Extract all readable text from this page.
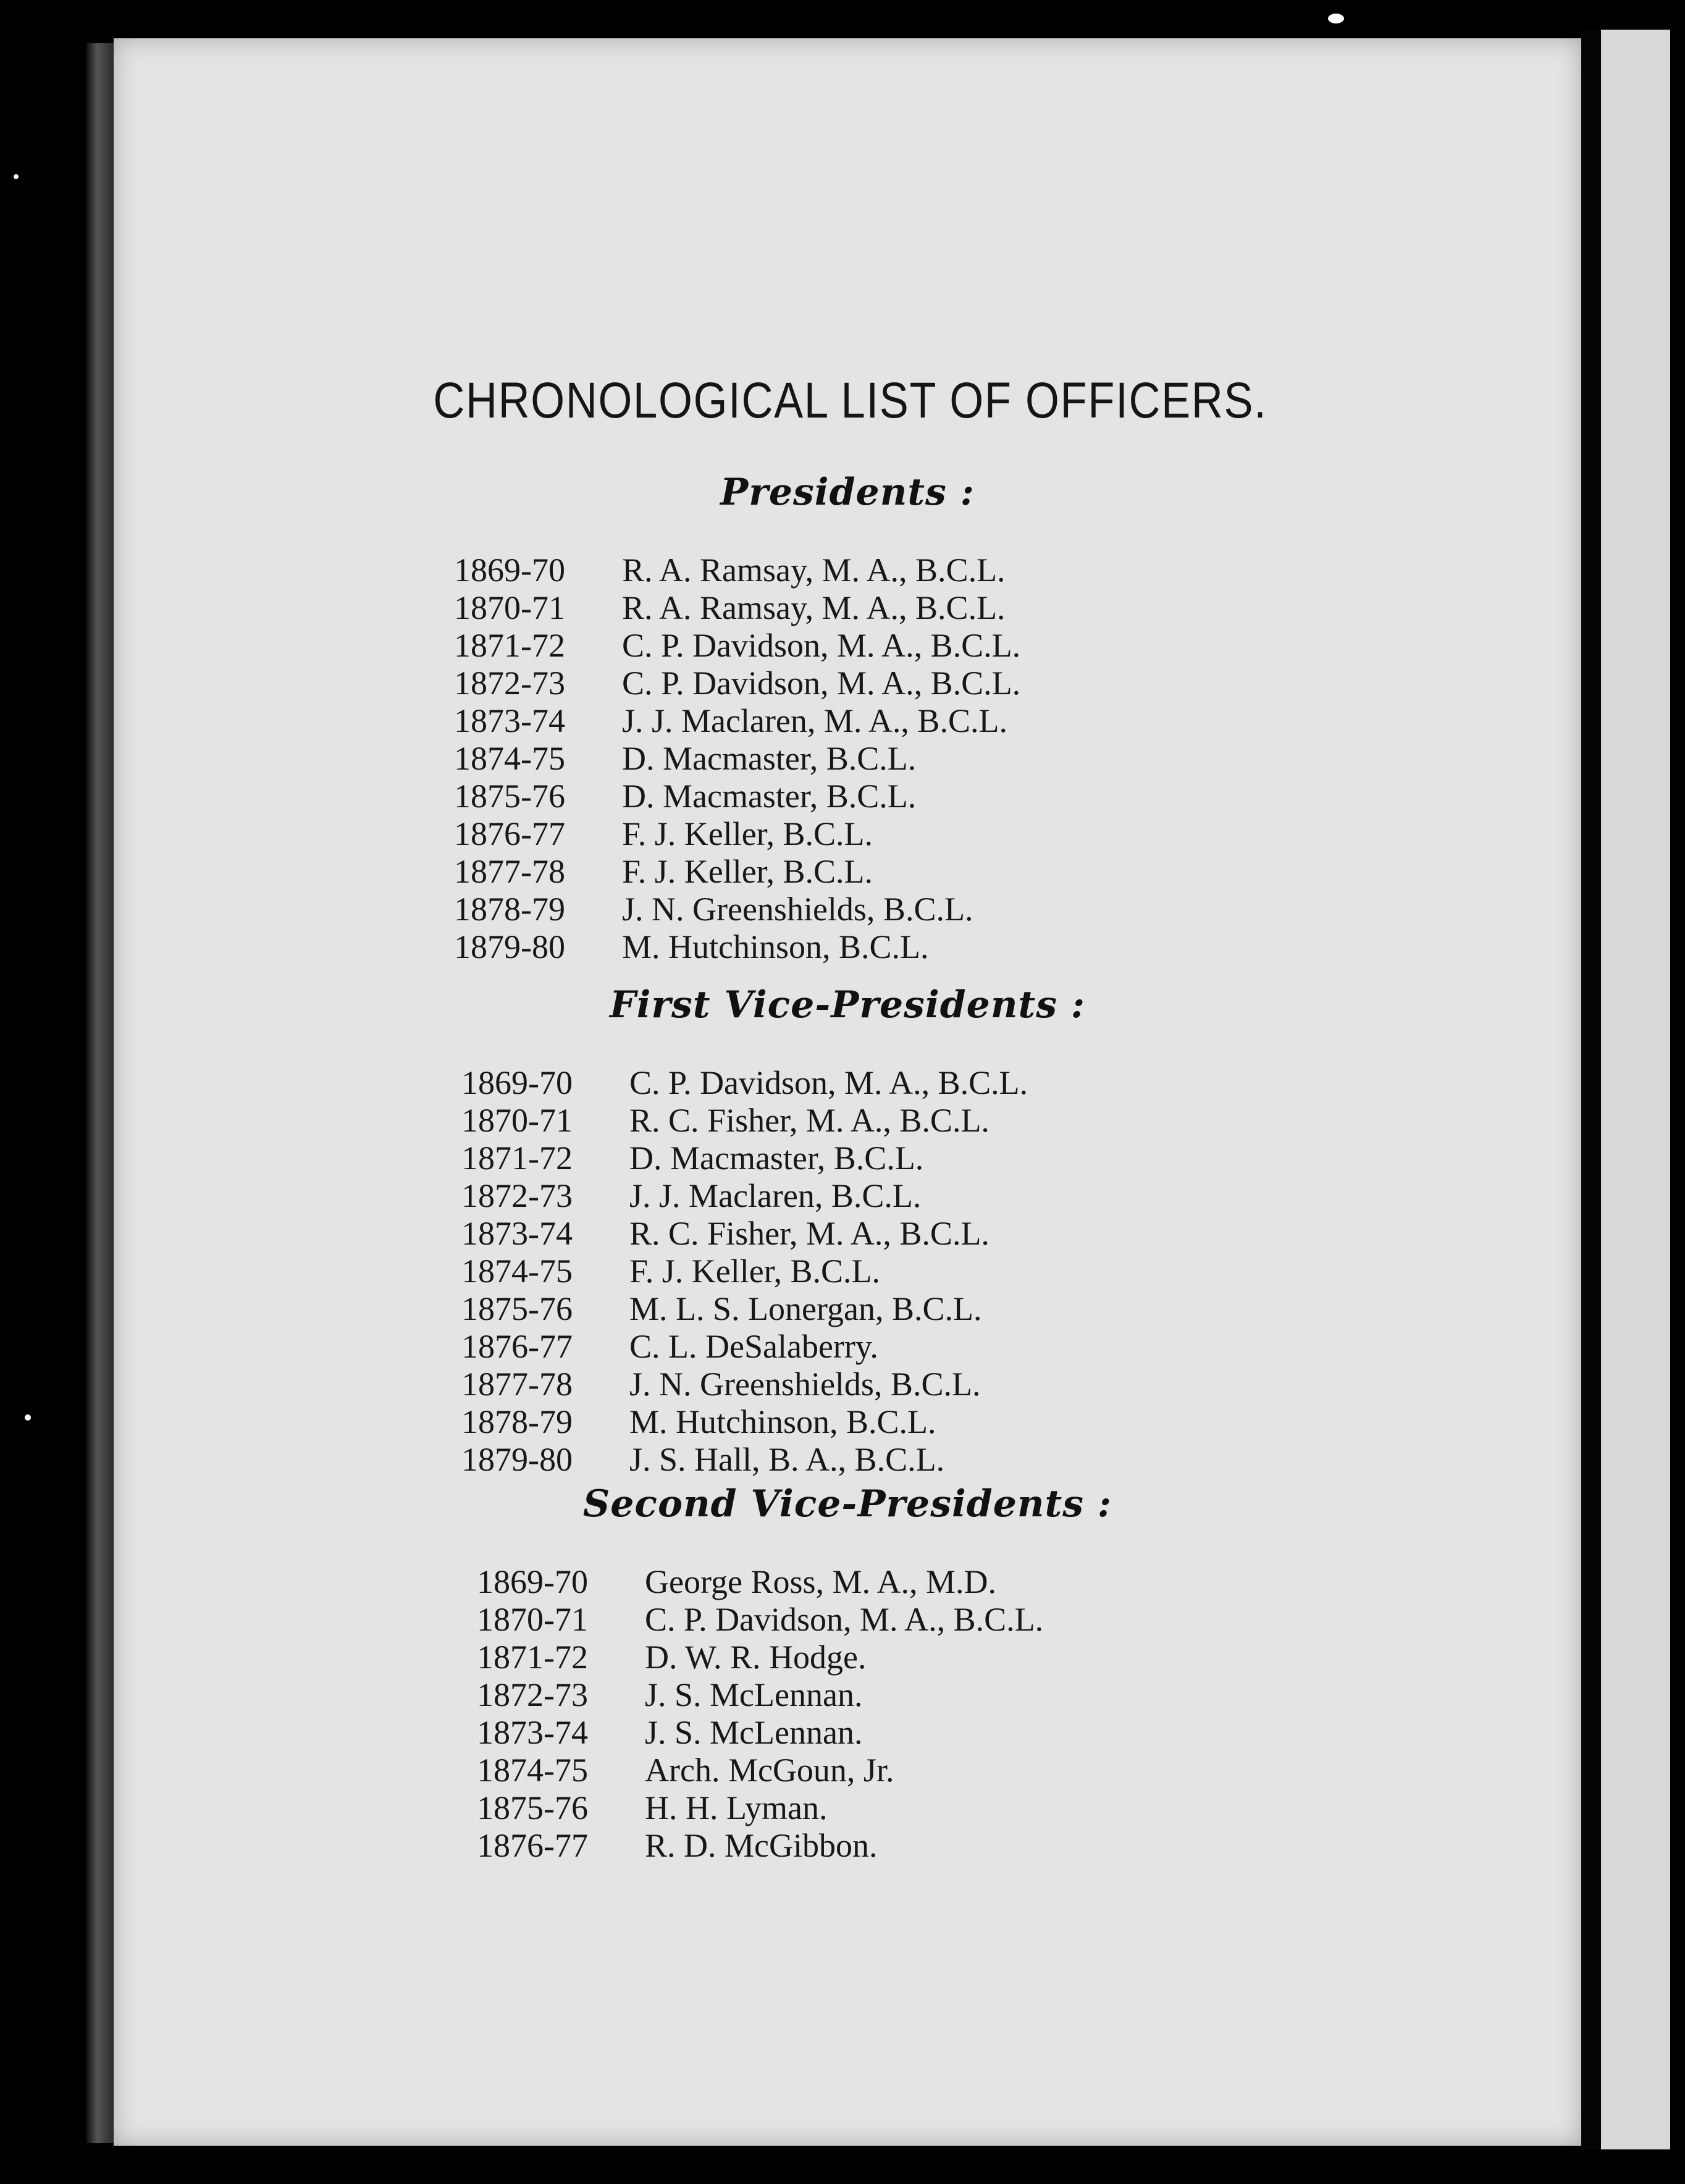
CHRONOLOGICAL LIST OF OFFICERS.
Presidents :
1869-70	R. A. Ramsay, M. A., B.C.L.
1870-71	R. A. Ramsay, M. A., B.C.L.
1871-72	C. P. Davidson, M. A., B.C.L.
1872-73	C. P. Davidson, M. A., B.C.L.
1873-74	J. J. Maclaren, M. A., B.C.L.
1874-75	D. Macmaster, B.C.L.
1875-76	D. Macmaster, B.C.L.
1876-77	F. J. Keller, B.C.L.
1877-78	F. J. Keller, B.C.L.
1878-79	J. N. Greenshields, B.C.L.
1879-80	M. Hutchinson, B.C.L.
First Vice-Presidents :
1869-70	C. P. Davidson, M. A., B.C.L.
1870-71	R. C. Fisher, M. A., B.C.L.
1871-72	D. Macmaster, B.C.L.
1872-73	J. J. Maclaren, B.C.L.
1873-74	R. C. Fisher, M. A., B.C.L.
1874-75	F. J. Keller, B.C.L.
1875-76	M. L. S. Lonergan, B.C.L.
1876-77	C. L. DeSalaberry.
1877-78	J. N. Greenshields, B.C.L.
1878-79	M. Hutchinson, B.C.L.
1879-80	J. S. Hall, B. A., B.C.L.
Second Vice-Presidents :
1869-70	George Ross, M. A., M.D.
1870-71	C. P. Davidson, M. A., B.C.L.
1871-72	D. W. R. Hodge.
1872-73	J. S. McLennan.
1873-74	J. S. McLennan.
1874-75	Arch. McGoun, Jr.
1875-76	H. H. Lyman.
1876-77	R. D. McGibbon.
